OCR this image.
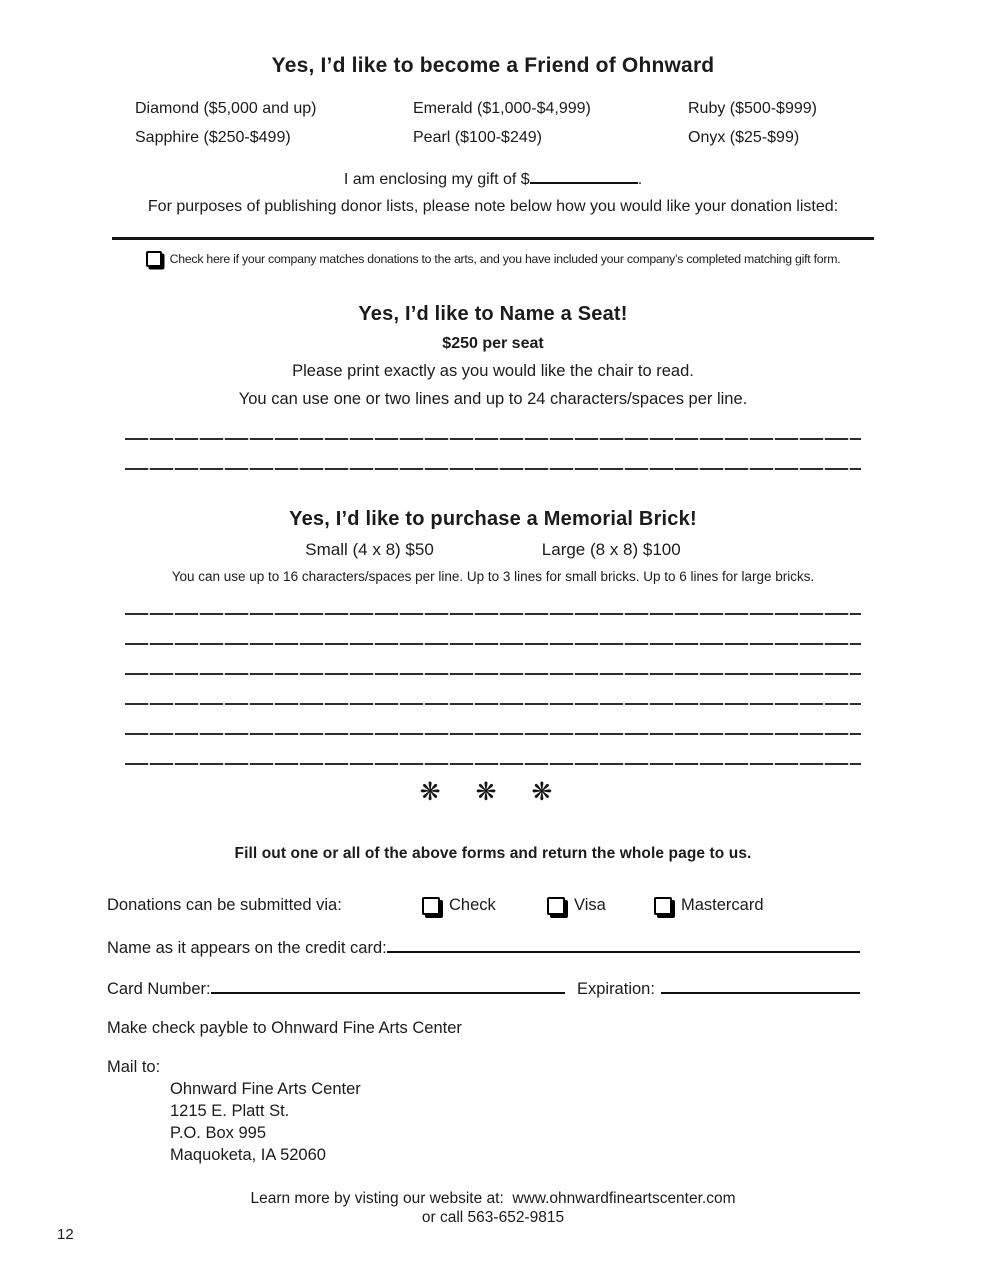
Yes, I’d like to become a Friend of Ohnward
Diamond ($5,000 and up)	Emerald ($1,000-$4,999)	Ruby ($500-$999)
Sapphire ($250-$499)	Pearl ($100-$249)	Onyx ($25-$99)
I am enclosing my gift of $	.
For purposes of publishing donor lists, please note below how you would like your donation listed:
Check here if your company matches donations to the arts, and you have included your company’s completed matching gift form.
Yes, I’d like to Name a Seat!
$250 per seat
Please print exactly as you would like the chair to read.
You can use one or two lines and up to 24 characters/spaces per line.
Yes, I’d like to purchase a Memorial Brick!
Small (4 x 8) $50	Large (8 x 8) $100
You can use up to 16 characters/spaces per line. Up to 3 lines for small bricks. Up to 6 lines for large bricks.
❋ ❋ ❋
Fill out one or all of the above forms and return the whole page to us.
Donations can be submitted via:	Check	Visa	Mastercard
Name as it appears on the credit card:
Card Number:	Expiration:
Make check payble to Ohnward Fine Arts Center
Mail to:
Ohnward Fine Arts Center
1215 E. Platt St.
P.O. Box 995
Maquoketa, IA 52060
Learn more by visting our website at:  www.ohnwardfineartscenter.com
or call 563-652-9815
12
